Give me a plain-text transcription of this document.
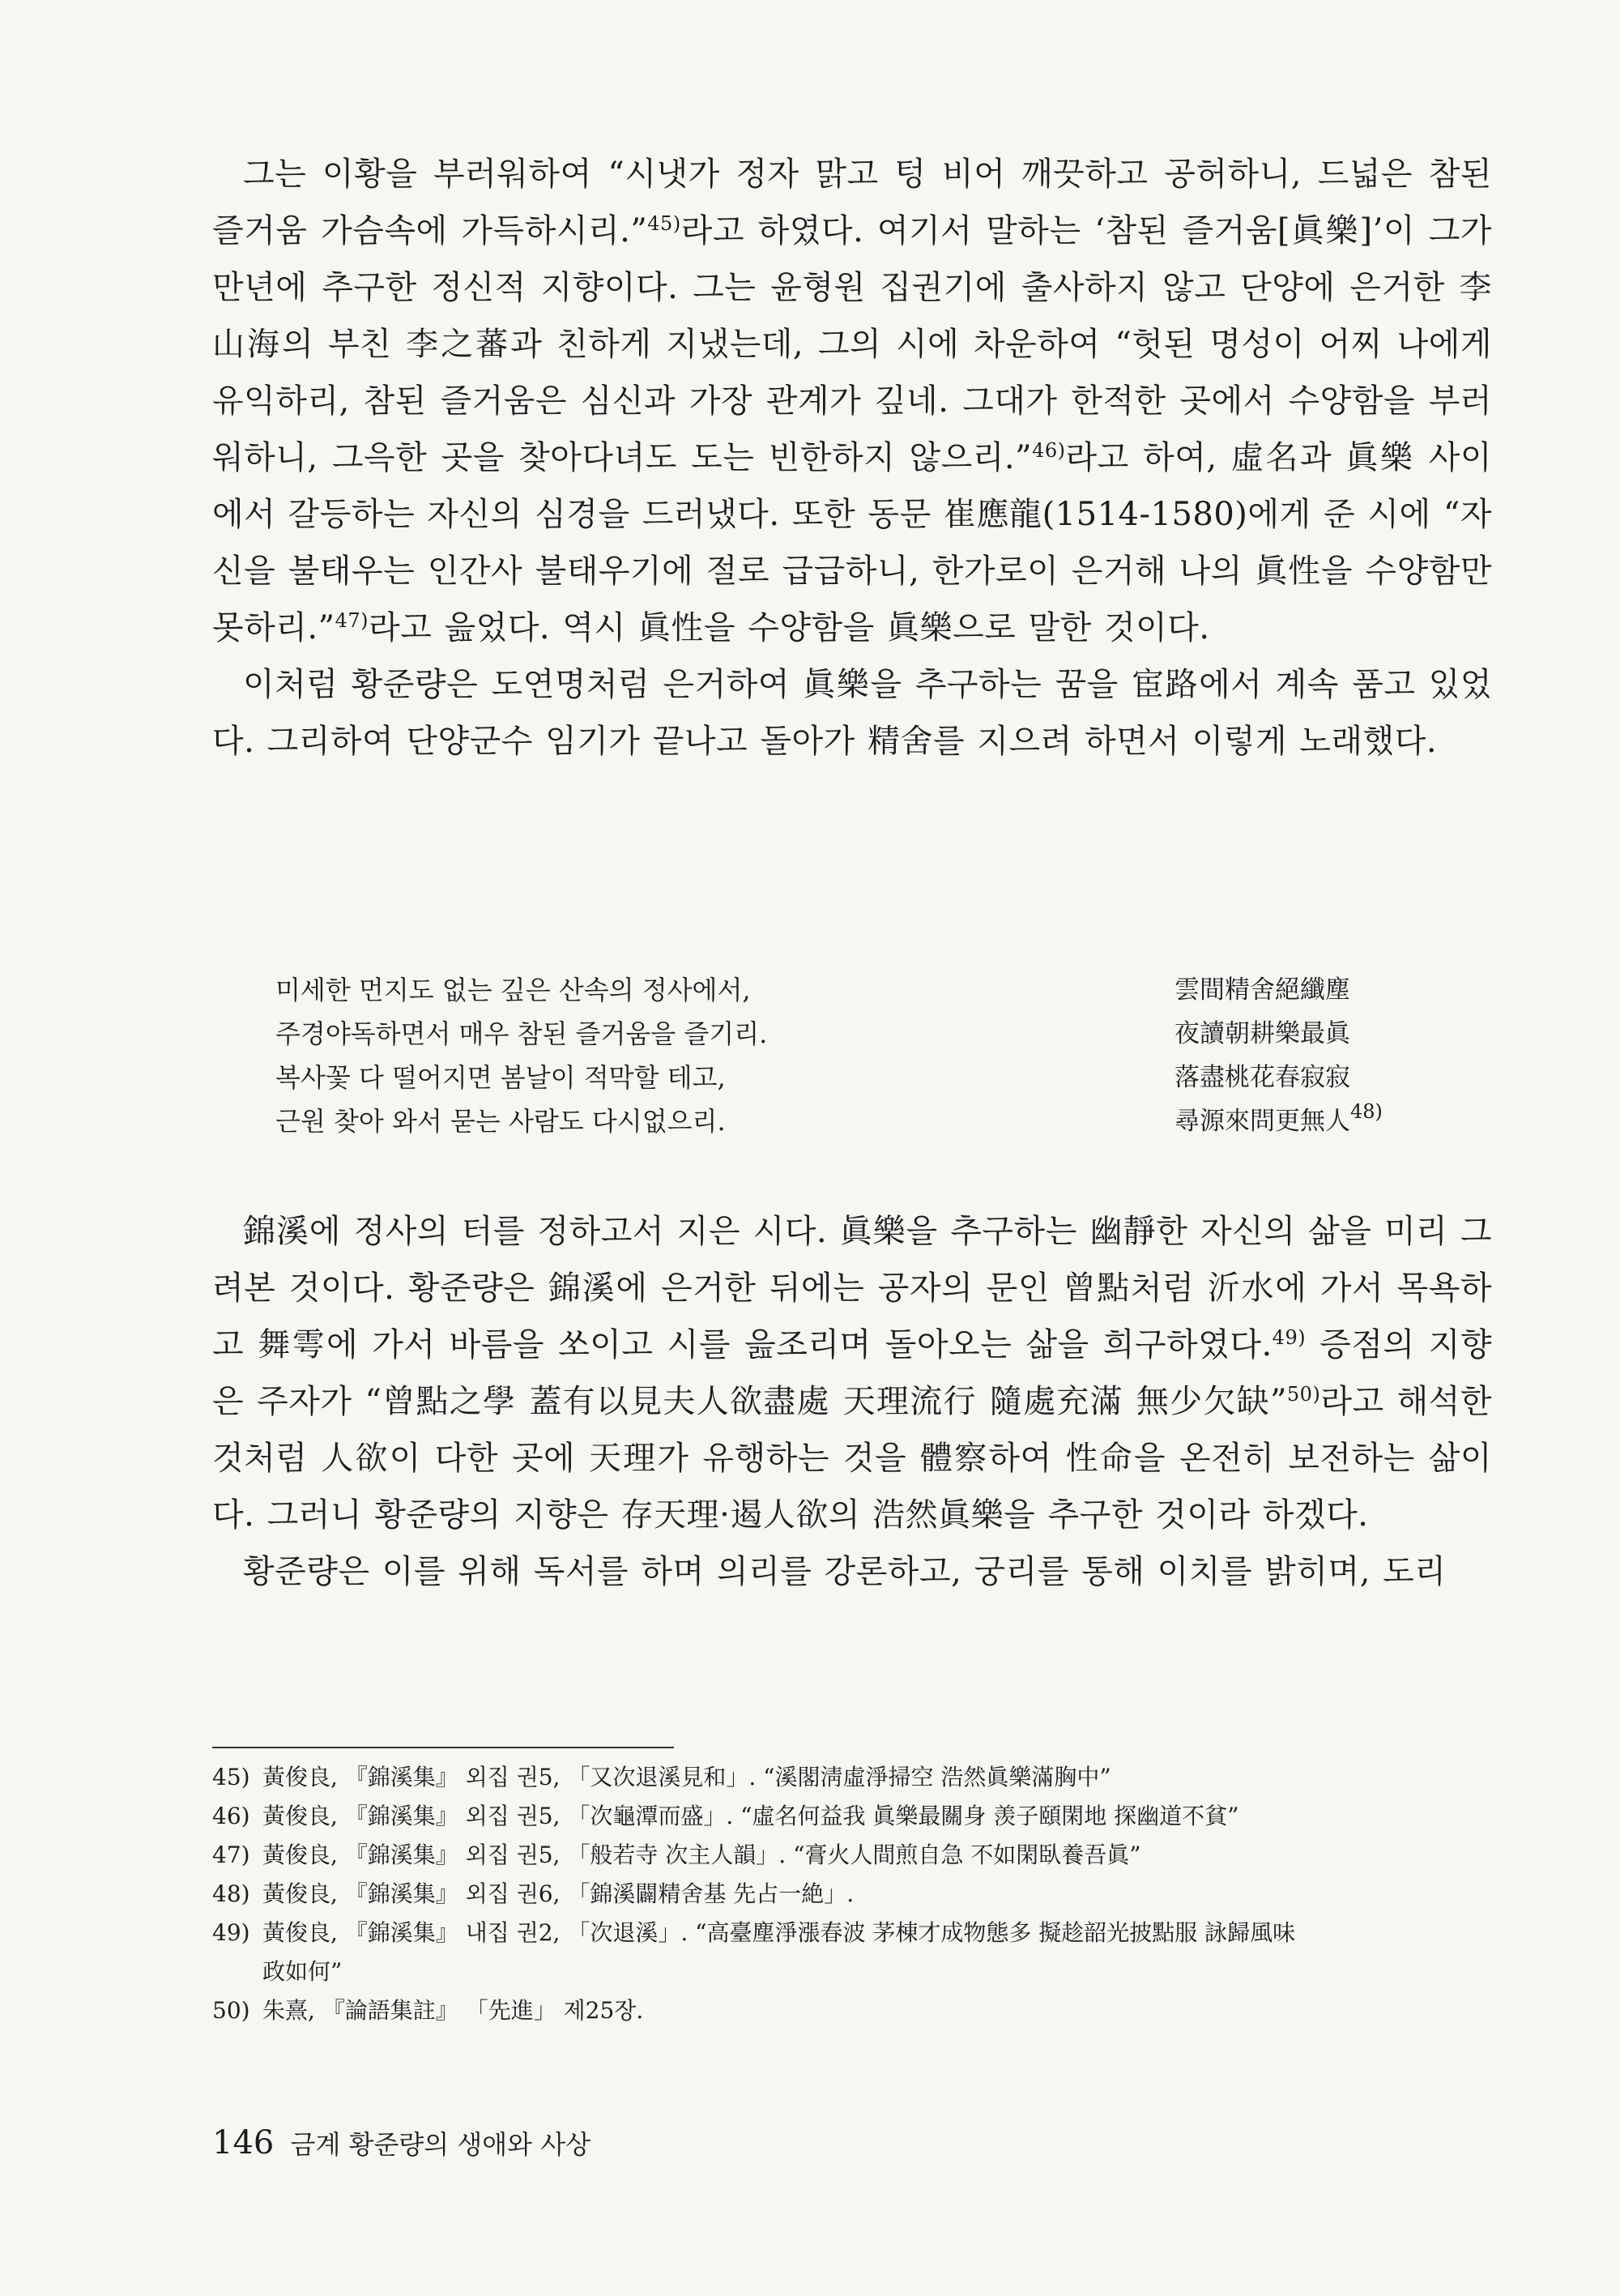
그는 이황을 부러워하여 “시냇가 정자 맑고 텅 비어 깨끗하고 공허하니, 드넓은 참된 즐거움 가슴속에 가득하시리.”$^{45)}$라고 하였다. 여기서 말하는 ‘참된 즐거움[眞樂]’이 그가 만년에 추구한 정신적 지향이다. 그는 윤형원 집권기에 출사하지 않고 단양에 은거한 李山海의 부친 李之蕃과 친하게 지냈는데, 그의 시에 차운하여 “헛된 명성이 어찌 나에게 유익하리, 참된 즐거움은 심신과 가장 관계가 깊네. 그대가 한적한 곳에서 수양함을 부러워하니, 그윽한 곳을 찾아다녀도 도는 빈한하지 않으리.”$^{46)}$라고 하여, 虛名과 眞樂 사이에서 갈등하는 자신의 심경을 드러냈다. 또한 동문 崔應龍(1514-1580)에게 준 시에 “자신을 불태우는 인간사 불태우기에 절로 급급하니, 한가로이 은거해 나의 眞性을 수양함만 못하리.”$^{47)}$라고 읊었다. 역시 眞性을 수양함을 眞樂으로 말한 것이다.

이처럼 황준량은 도연명처럼 은거하여 眞樂을 추구하는 꿈을 宦路에서 계속 품고 있었다. 그리하여 단양군수 임기가 끝나고 돌아가 精舍를 지으려 하면서 이렇게 노래했다.

미세한 먼지도 없는 깊은 산속의 정사에서,	雲間精舍絕纖塵
주경야독하면서 매우 참된 즐거움을 즐기리.	夜讀朝耕樂最眞
복사꽃 다 떨어지면 봄날이 적막할 테고,	落盡桃花春寂寂
근원 찾아 와서 묻는 사람도 다시없으리.	尋源來問更無人$^{48)}$

錦溪에 정사의 터를 정하고서 지은 시다. 眞樂을 추구하는 幽靜한 자신의 삶을 미리 그려본 것이다. 황준량은 錦溪에 은거한 뒤에는 공자의 문인 曾點처럼 沂水에 가서 목욕하고 舞雩에 가서 바름을 쏘이고 시를 읊조리며 돌아오는 삶을 희구하였다.$^{49)}$ 증점의 지향은 주자가 “曾點之學 蓋有以見夫人欲盡處 天理流行 隨處充滿 無少欠缺”$^{50)}$라고 해석한 것처럼 人欲이 다한 곳에 天理가 유행하는 것을 體察하여 性命을 온전히 보전하는 삶이다. 그러니 황준량의 지향은 存天理·遏人欲의 浩然眞樂을 추구한 것이라 하겠다.

황준량은 이를 위해 독서를 하며 의리를 강론하고, 궁리를 통해 이치를 밝히며, 도리

45) 黃俊良, 『錦溪集』 외집 권5, 「又次退溪見和」. “溪閣淸虛淨掃空 浩然眞樂滿胸中”

46) 黃俊良, 『錦溪集』 외집 권5, 「次龜潭而盛」. “虛名何益我 眞樂最關身 羡子頤閑地 探幽道不貧”

47) 黃俊良, 『錦溪集』 외집 권5, 「般若寺 次主人韻」. “膏火人間煎自急 不如閑臥養吾眞”

48) 黃俊良, 『錦溪集』 외집 권6, 「錦溪闢精舍基 先占一絶」.

49) 黃俊良, 『錦溪集』 내집 권2, 「次退溪」. “高臺塵淨漲春波 茅棟才成物態多 擬趁韶光披點服 詠歸風味
政如何”

50) 朱熹, 『論語集註』 「先進」 제25장.

146 금계 황준량의 생애와 사상
